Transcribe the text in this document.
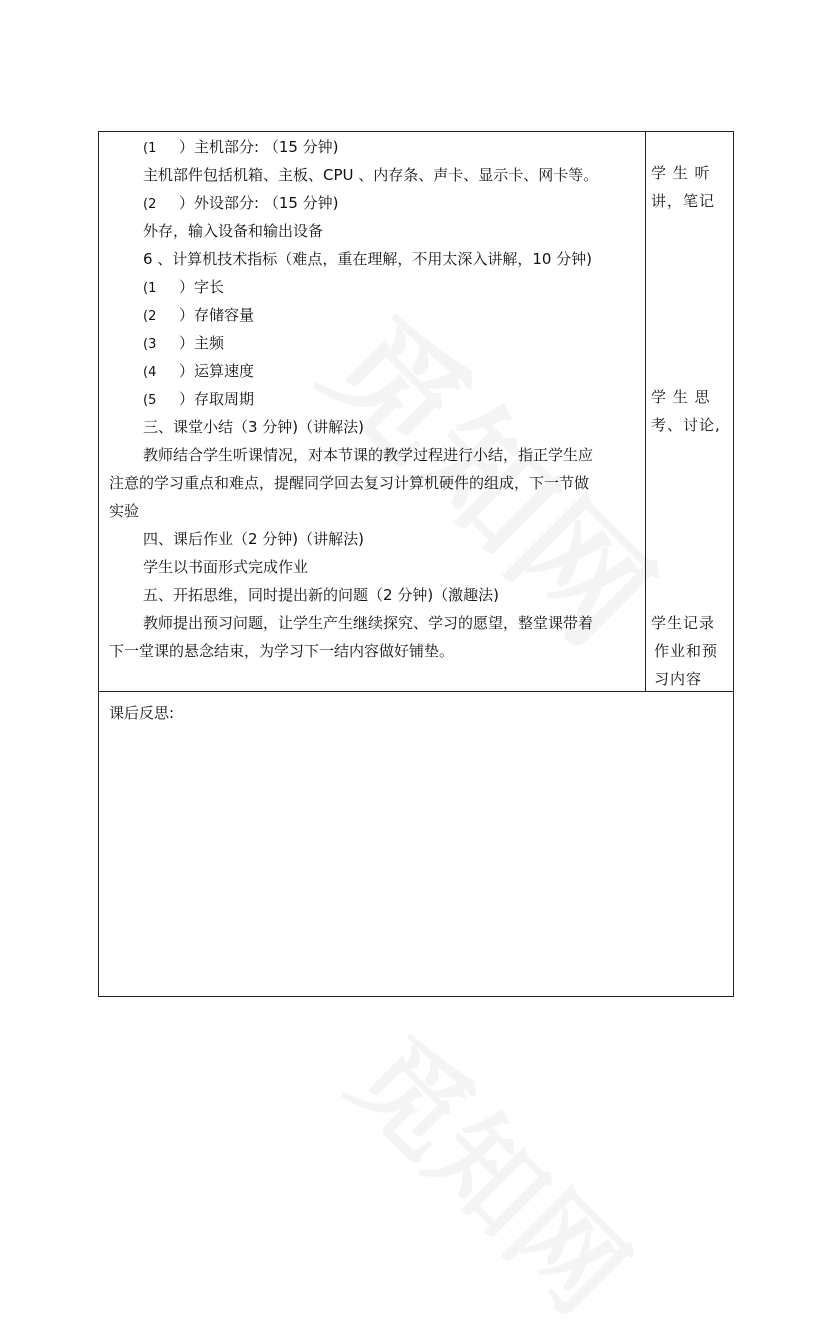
(1 ）主机部分: （15 分钟)
主机部件包括机箱、主板、CPU 、内存条、声卡、显示卡、网卡等。
(2 ）外设部分: （15 分钟)
外存，输入设备和输出设备
6 、计算机技术指标（难点，重在理解，不用太深入讲解，10 分钟)
(1 ）字长
(2 ）存储容量
(3 ）主频
(4 ）运算速度
(5 ）存取周期
三、课堂小结（3 分钟)（讲解法)
教师结合学生听课情况，对本节课的教学过程进行小结，指正学生应
注意的学习重点和难点，提醒同学回去复习计算机硬件的组成，下一节做
实验
四、课后作业（2 分钟)（讲解法)
学生以书面形式完成作业
五、开拓思维，同时提出新的问题（2 分钟)（激趣法)
教师提出预习问题，让学生产生继续探究、学习的愿望，整堂课带着
下一堂课的悬念结束，为学习下一结内容做好铺垫。
学 生 听
讲，笔记
学 生 思
考、讨论,
学生记录
作业和预
习内容
课后反思:
